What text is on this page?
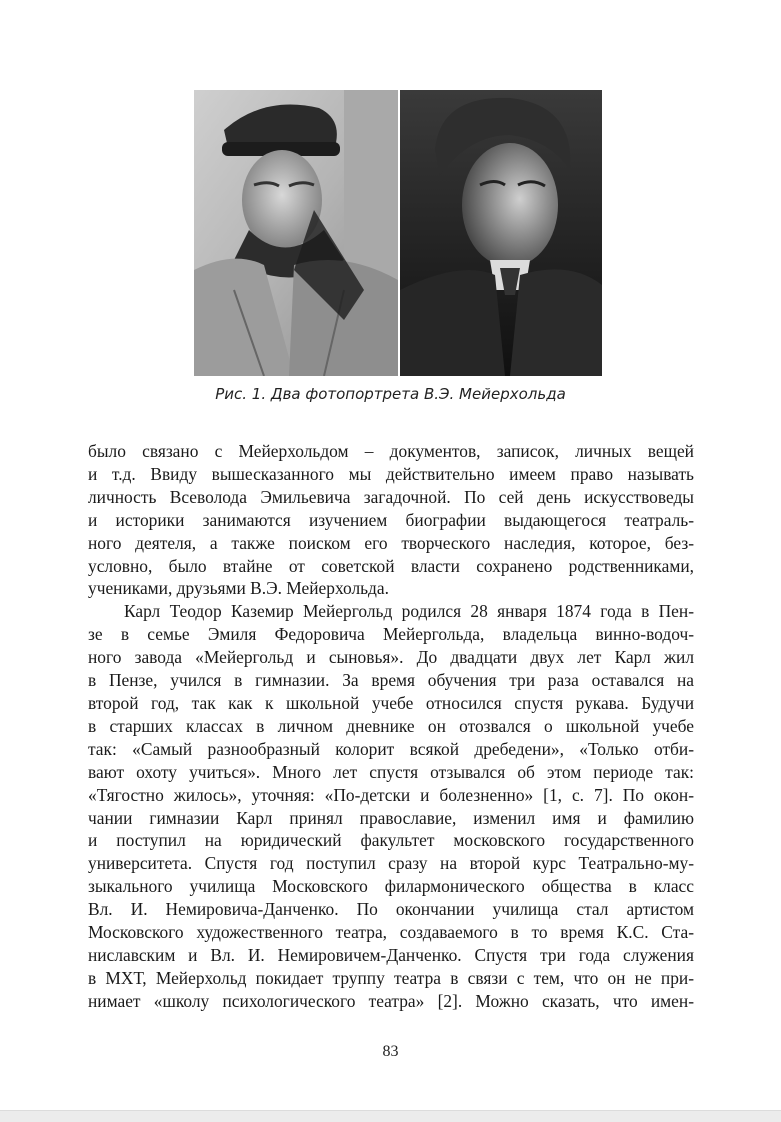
Рис. 1. Два фотопортрета В.Э. Мейерхольда
было связано с Мейерхольдом – документов, записок, личных вещей
и т.д. Ввиду вышесказанного мы действительно имеем право называть
личность Всеволода Эмильевича загадочной. По сей день искусствоведы
и историки занимаются изучением биографии выдающегося театраль-
ного деятеля, а также поиском его творческого наследия, которое, без-
условно, было втайне от советской власти сохранено родственниками,
учениками, друзьями В.Э. Мейерхольда.
Карл Теодор Каземир Мейергольд родился 28 января 1874 года в Пен-
зе в семье Эмиля Федоровича Мейергольда, владельца винно-водоч-
ного завода «Мейергольд и сыновья». До двадцати двух лет Карл жил
в Пензе, учился в гимназии. За время обучения три раза оставался на
второй год, так как к школьной учебе относился спустя рукава. Будучи
в старших классах в личном дневнике он отозвался о школьной учебе
так: «Самый разнообразный колорит всякой дребедени», «Только отби-
вают охоту учиться». Много лет спустя отзывался об этом периоде так:
«Тягостно жилось», уточняя: «По-детски и болезненно» [1, с. 7]. По окон-
чании гимназии Карл принял православие, изменил имя и фамилию
и поступил на юридический факультет московского государственного
университета. Спустя год поступил сразу на второй курс Театрально-му-
зыкального училища Московского филармонического общества в класс
Вл. И. Немировича-Данченко. По окончании училища стал артистом
Московского художественного театра, создаваемого в то время К.С. Ста-
ниславским и Вл. И. Немировичем-Данченко. Спустя три года служения
в МХТ, Мейерхольд покидает труппу театра в связи с тем, что он не при-
нимает «школу психологического театра» [2]. Можно сказать, что имен-
83
